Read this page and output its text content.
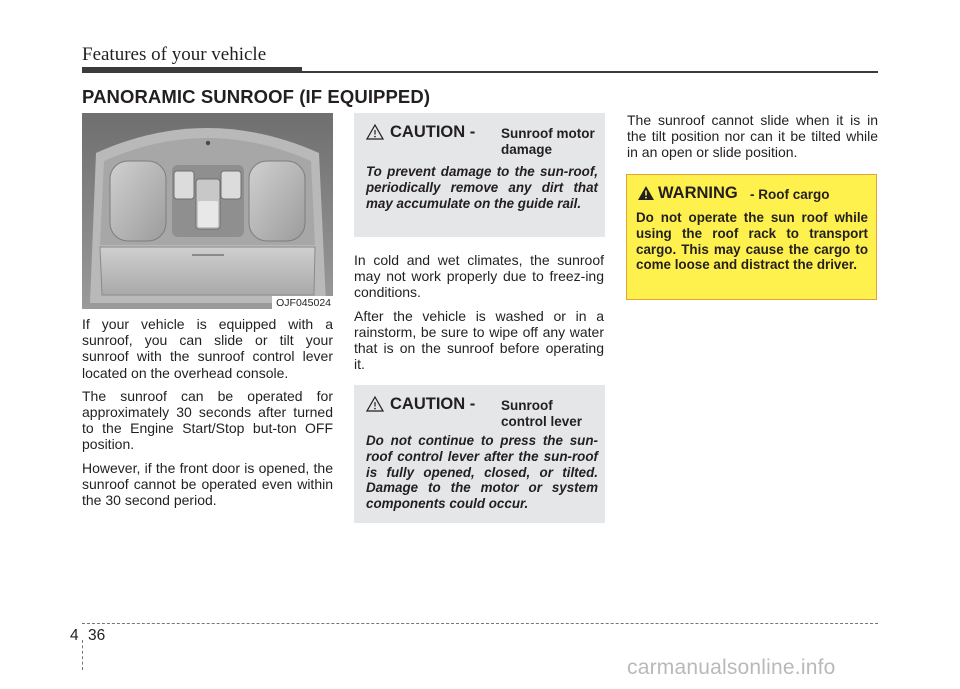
Features of your vehicle
PANORAMIC SUNROOF (IF EQUIPPED)
OJF045024

If your vehicle is equipped with a sunroof, you can slide or tilt your sunroof with the sunroof control lever located on the overhead console.

The sunroof can be operated for approximately 30 seconds after turned to the Engine Start/Stop but-ton OFF position.

However, if the front door is opened, the sunroof cannot be operated even within the 30 second period.

CAUTION - Sunroof motor
damage
To prevent damage to the sun-roof, periodically remove any dirt that may accumulate on the guide rail.

In cold and wet climates, the sunroof may not work properly due to freez-ing conditions.

After the vehicle is washed or in a rainstorm, be sure to wipe off any water that is on the sunroof before operating it.

CAUTION - Sunroof
control lever
Do not continue to press the sun-roof control lever after the sun-roof is fully opened, closed, or tilted. Damage to the motor or system components could occur.

The sunroof cannot slide when it is in the tilt position nor can it be tilted while in an open or slide position.

WARNING - Roof cargo
Do not operate the sun roof while using the roof rack to transport cargo. This may cause the cargo to come loose and distract the driver.
4 36
carmanualsonline.info
